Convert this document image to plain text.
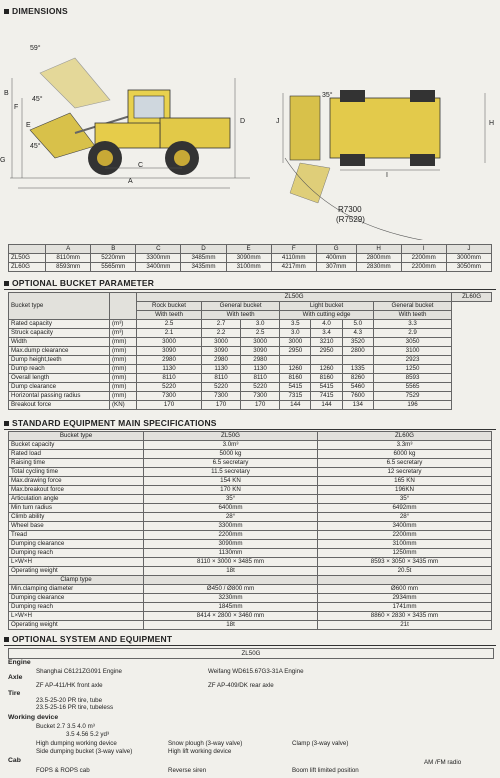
DIMENSIONS
59°
45°
45°
B
E
F
G
C
A
D
35°
J	H
I
R7300
(R7529)
	A	B	C	D	E	F	G	H	I	J
ZL50G	8110mm	5220mm	3300mm	3485mm	3090mm	4110mm	400mm	2800mm	2200mm	3000mm
ZL60G	8593mm	5565mm	3400mm	3435mm	3100mm	4217mm	307mm	2830mm	2200mm	3050mm
OPTIONAL BUCKET PARAMETER
Bucket type		ZL50G							ZL60G
		Rock bucket	General bucket		Light bucket			General bucket	
		With teeth	With teeth		With cutting edge			With teeth	
Rated capacity	(m³)	2.5	2.7	3.0	3.5	4.0	5.0	3.3	
Struck capacity	(m³)	2.1	2.2	2.5	3.0	3.4	4.3	2.9	
Width	(mm)	3000	3000	3000	3000	3210	3520	3050	
Max.dump clearance	(mm)	3090	3090	3090	2950	2950	2800	3100	
Dump height,teeth	(mm)	2980	2980	2980				2923	
Dump reach	(mm)	1130	1130	1130	1260	1260	1335	1250	
Overall length	(mm)	8110	8110	8110	8160	8160	8260	8593	
Dump clearance	(mm)	5220	5220	5220	5415	5415	5460	5565	
Horizontal passing radius	(mm)	7300	7300	7300	7315	7415	7600	7529	
Breakout force	(KN)	170	170	170	144	144	134	196	
STANDARD EQUIPMENT MAIN SPECIFICATIONS
Bucket type	ZL50G	ZL60G
Bucket capacity	3.0m³	3.3m³
Rated load	5000 kg	6000 kg
Raising time	6.5 secretary	6.5 secretary
Total cycling time	11.5 secretary	12 secretary
Max.drawing force	154 KN	165 KN
Max.breakout force	170 KN	196KN
Articulation angle	35°	35°
Min turn radius	6400mm	6492mm
Climb ability	28°	28°
Wheel base	3300mm	3400mm
Tread	2200mm	2200mm
Dumping clearance	3090mm	3100mm
Dumping reach	1130mm	1250mm
L×W×H	8110 × 3000 × 3485 mm	8593 × 3050 × 3435 mm
Operating weight	18t	20.5t
Clamp type		
Min.clamping diameter	Ø450 / Ø800 mm	Ø600 mm
Dumping clearance	3230mm	2934mm
Dumping reach	1845mm	1741mm
L×W×H	8414 × 2800 × 3460 mm	8860 × 2830 × 3435 mm
Operating weight	18t	21t
OPTIONAL SYSTEM AND EQUIPMENT
ZL50G
Engine
Shanghai C6121ZG091 Engine	Weifang WD615.67G3-31A Engine
Axle
ZF AP-411/HK front axle	ZF AP-409/DK rear axle
Tire
23.5-25-20 PR tire, tube
23.5-25-16 PR tire, tubeless
Working device
Bucket 2.7 3.5 4.0 m³
3.5 4.56 5.2 yd³
High dumping working device	Snow plough (3-way valve)	Clamp (3-way valve)
Side dumping bucket (3-way valve)	High lift working device
Cab
FOPS & ROPS cab	Reverse siren	Boom lift limited position
AM /FM radio
